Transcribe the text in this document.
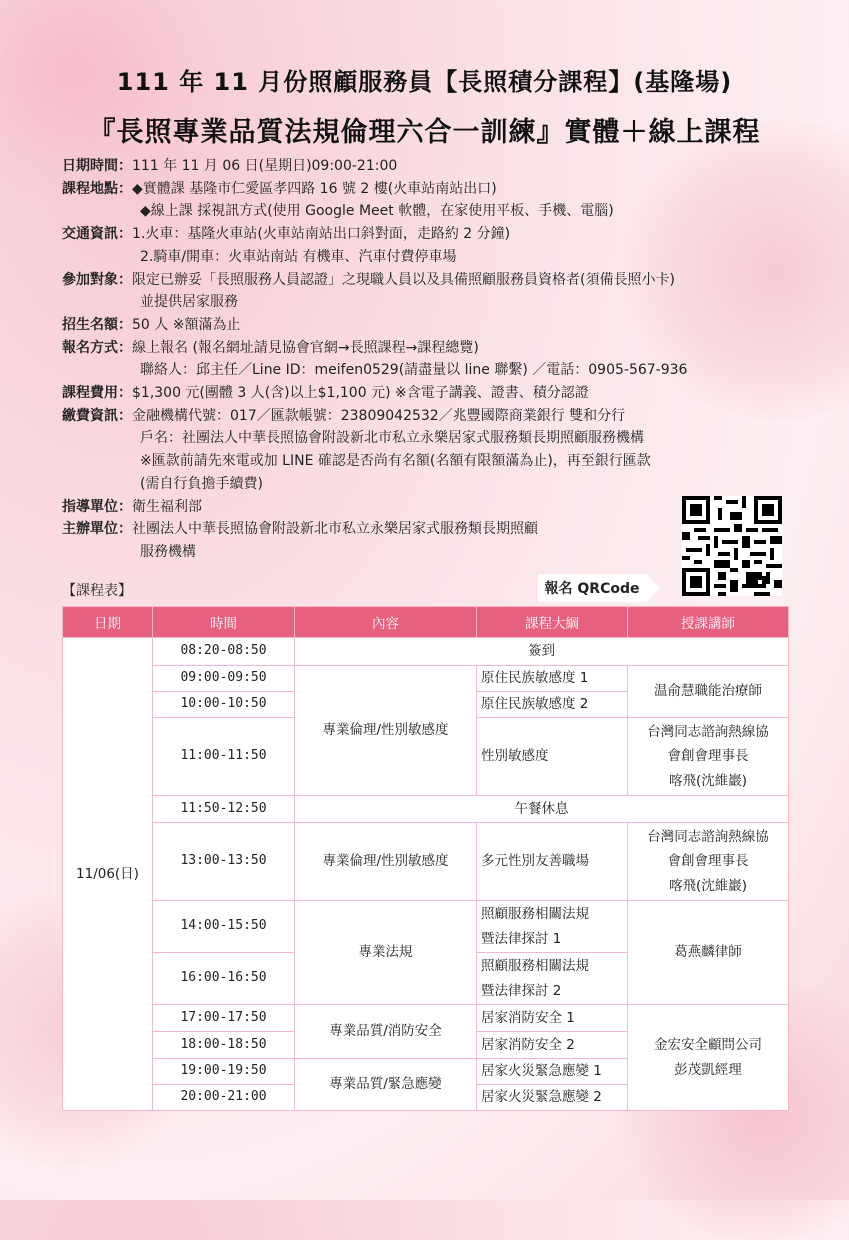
111 年 11 月份照顧服務員【長照積分課程】(基隆場)
『長照專業品質法規倫理六合一訓練』實體＋線上課程
日期時間： 111 年 11 月 06 日(星期日)09:00-21:00
課程地點： ◆實體課 基隆市仁愛區孝四路 16 號 2 樓(火車站南站出口)
◆線上課 採視訊方式(使用 Google Meet 軟體，在家使用平板、手機、電腦)
交通資訊： 1.火車：基隆火車站(火車站南站出口斜對面，走路約 2 分鐘)
2.騎車/開車：火車站南站 有機車、汽車付費停車場
參加對象： 限定已辦妥「長照服務人員認證」之現職人員以及具備照顧服務員資格者(須備長照小卡)
並提供居家服務
招生名額： 50 人 ※額滿為止
報名方式： 線上報名 (報名網址請見協會官網→長照課程→課程總覽)
聯絡人：邱主任／Line ID：meifen0529(請盡量以 line 聯繫) ／電話：0905-567-936
課程費用： $1,300 元(團體 3 人(含)以上$1,100 元) ※含電子講義、證書、積分認證
繳費資訊： 金融機構代號：017／匯款帳號：23809042532／兆豐國際商業銀行 雙和分行
戶名：社團法人中華長照協會附設新北市私立永樂居家式服務類長期照顧服務機構
※匯款前請先來電或加 LINE 確認是否尚有名額(名額有限額滿為止)，再至銀行匯款
(需自行負擔手續費)
指導單位： 衛生福利部
主辦單位： 社團法人中華長照協會附設新北市私立永樂居家式服務類長期照顧
服務機構
報名 QRCode
【課程表】
日期	時間	內容	課程大綱	授課講師
11/06(日)	08:20-08:50	簽到		
	09:00-09:50	專業倫理/性別敏感度	原住民族敏感度 1	温俞慧職能治療師
	10:00-10:50		原住民族敏感度 2	
	11:00-11:50		性別敏感度	台灣同志諮詢熱線協
會創會理事長
喀飛(沈維巖)

	11:50-12:50	午餐休息		
	13:00-13:50	專業倫理/性別敏感度	多元性別友善職場	台灣同志諮詢熱線協
會創會理事長
喀飛(沈維巖)

	14:00-15:50	專業法規	照顧服務相關法規
暨法律探討 1	葛燕麟律師
	16:00-16:50		照顧服務相關法規
暨法律探討 2	

	17:00-17:50	專業品質/消防安全	居家消防安全 1	金宏安全顧問公司
彭茂凱經理

	18:00-18:50		居家消防安全 2	
	19:00-19:50	專業品質/緊急應變	居家火災緊急應變 1	
	20:00-21:00		居家火災緊急應變 2	
